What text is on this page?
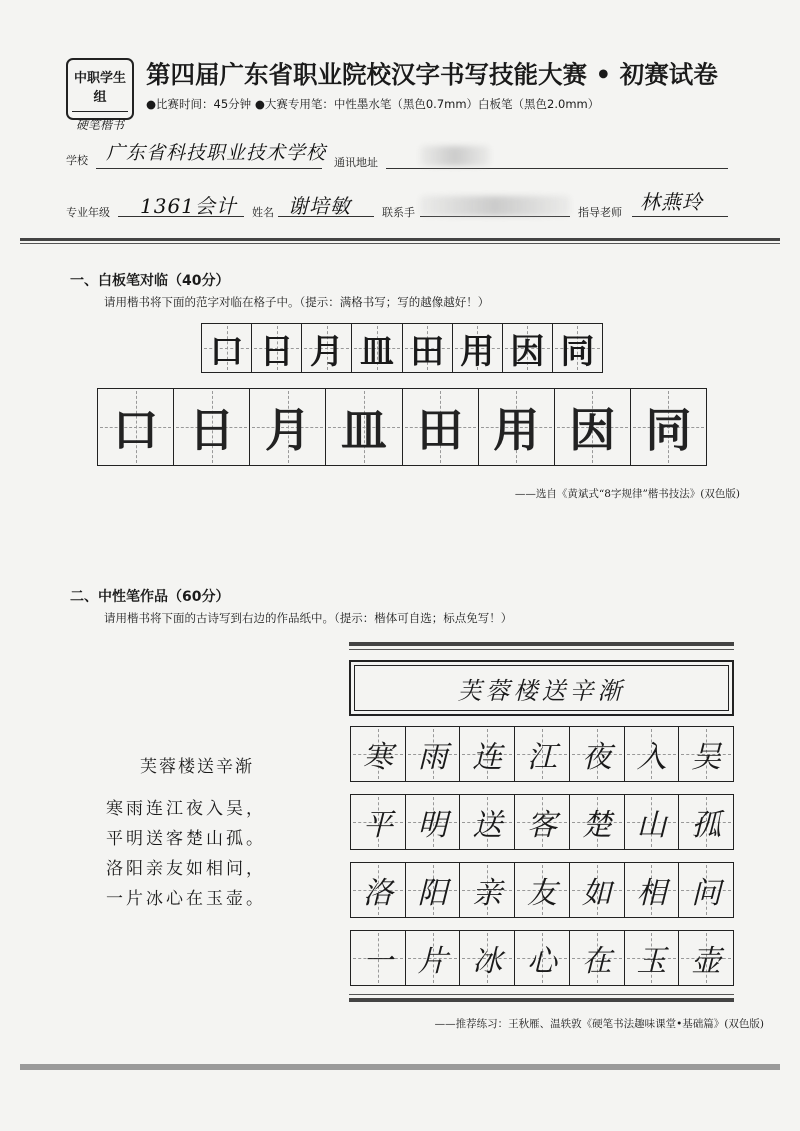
中职学生组
硬笔楷书
第四届广东省职业院校汉字书写技能大赛 • 初赛试卷
●比赛时间：45分钟 ●大赛专用笔：中性墨水笔（黑色0.7mm）白板笔（黑色2.0mm）
学校 广东省科技职业技术学校 通讯地址
专业年级 1361会计 姓名 谢培敏	联系手	指导老师 林燕玲
一、白板笔对临（40分）
请用楷书将下面的范字对临在格子中。（提示：满格书写；写的越像越好！）
口 日 月 皿 田 用 因 同
口 日 月 皿 田 用 因 同
——选自《黄斌式“8字规律”楷书技法》(双色版)
二、中性笔作品（60分）
请用楷书将下面的古诗写到右边的作品纸中。（提示：楷体可自选；标点免写！）
芙蓉楼送辛渐
寒雨连江夜入吴，
平明送客楚山孤。
洛阳亲友如相问，
一片冰心在玉壶。
芙蓉楼送辛渐
寒 雨 连 江 夜 入 吴
平 明 送 客 楚 山 孤
洛 阳 亲 友 如 相 问
一 片 冰 心 在 玉 壶
——推荐练习：王秋雁、温轶敦《硬笔书法趣味课堂•基础篇》(双色版)
